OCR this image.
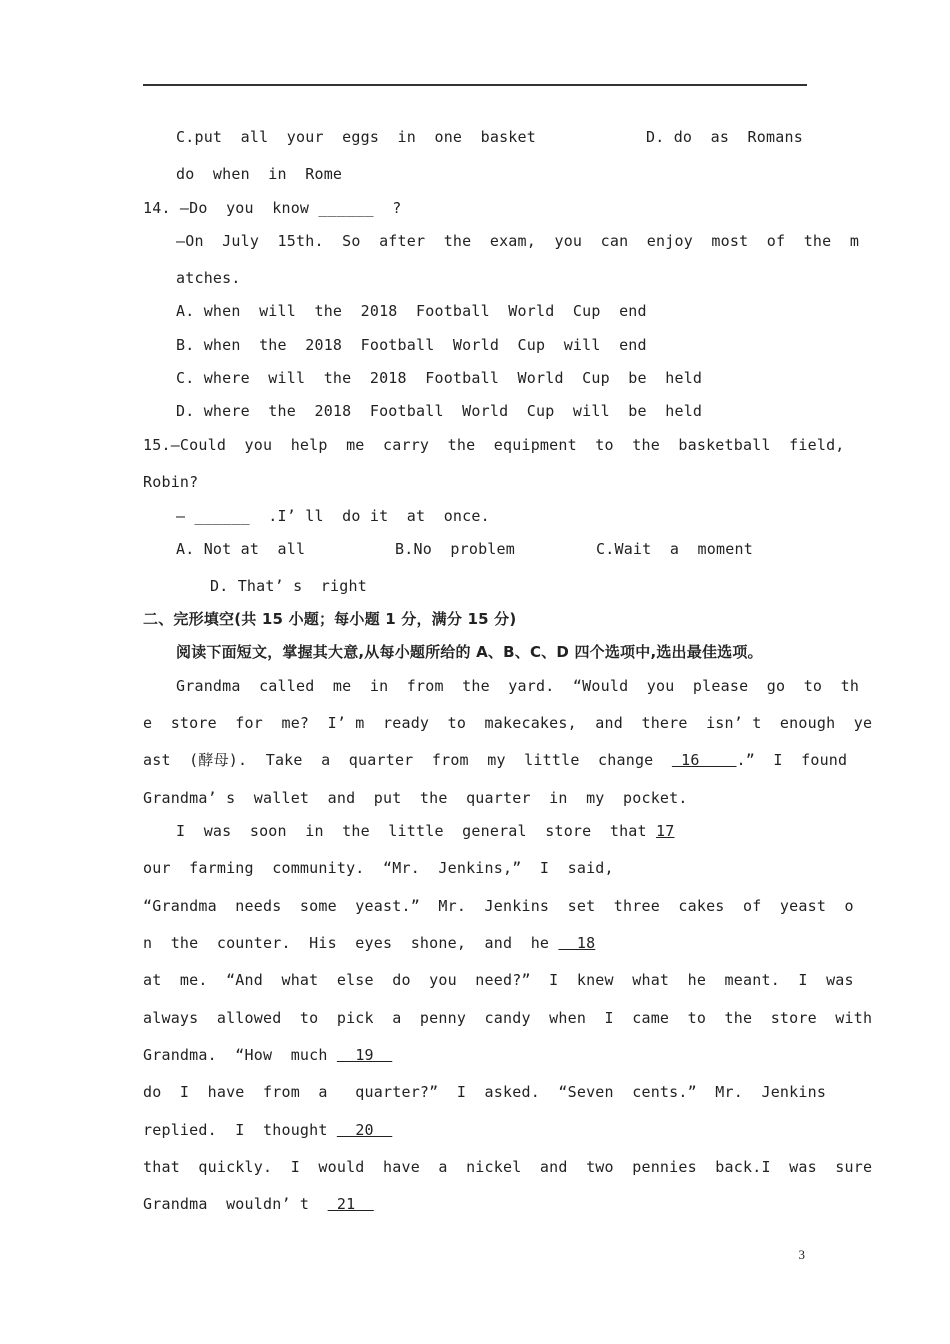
C.put  all  your  eggs  in  one  basket	D. do  as  Romans
do  when  in  Rome
14. —Do  you  know ______  ?
—On  July  15th.  So  after  the  exam,  you  can  enjoy  most  of  the  m
atches.
A. when  will  the  2018  Football  World  Cup  end
B. when  the  2018  Football  World  Cup  will  end
C. where  will  the  2018  Football  World  Cup  be  held
D. where  the  2018  Football  World  Cup  will  be  held
15.—Could  you  help  me  carry  the  equipment  to  the  basketball  field,
Robin?
— ______  .I’ ll  do it  at  once.
A. Not at  all	B.No  problem	C.Wait  a  moment
D. That’ s  right
二、完形填空(共 15 小题；每小题 1 分，满分 15 分)
阅读下面短文，掌握其大意,从每小题所给的 A、B、C、D 四个选项中,选出最佳选项。
Grandma  called  me  in  from  the  yard.  “Would  you  please  go  to  th
e  store  for  me?  I’ m  ready  to  makecakes,  and  there  isn’ t  enough  ye
ast  (酵母).  Take  a  quarter  from  my  little  change   16    .”  I  found
Grandma’ s  wallet  and  put  the  quarter  in  my  pocket.
I  was  soon  in  the  little  general  store  that 17
our  farming  community.  “Mr.  Jenkins,”  I  said,
“Grandma  needs  some  yeast.”  Mr.  Jenkins  set  three  cakes  of  yeast  o
n  the  counter.  His  eyes  shone,  and  he   18
at  me.  “And  what  else  do  you  need?”  I  knew  what  he  meant.  I  was
always  allowed  to  pick  a  penny  candy  when  I  came  to  the  store  with
Grandma.  “How  much   19
do  I  have  from  a   quarter?”  I  asked.  “Seven  cents.”  Mr.  Jenkins
replied.  I  thought   20
that  quickly.  I  would  have  a  nickel  and  two  pennies  back.I  was  sure
Grandma  wouldn’ t   21
3
